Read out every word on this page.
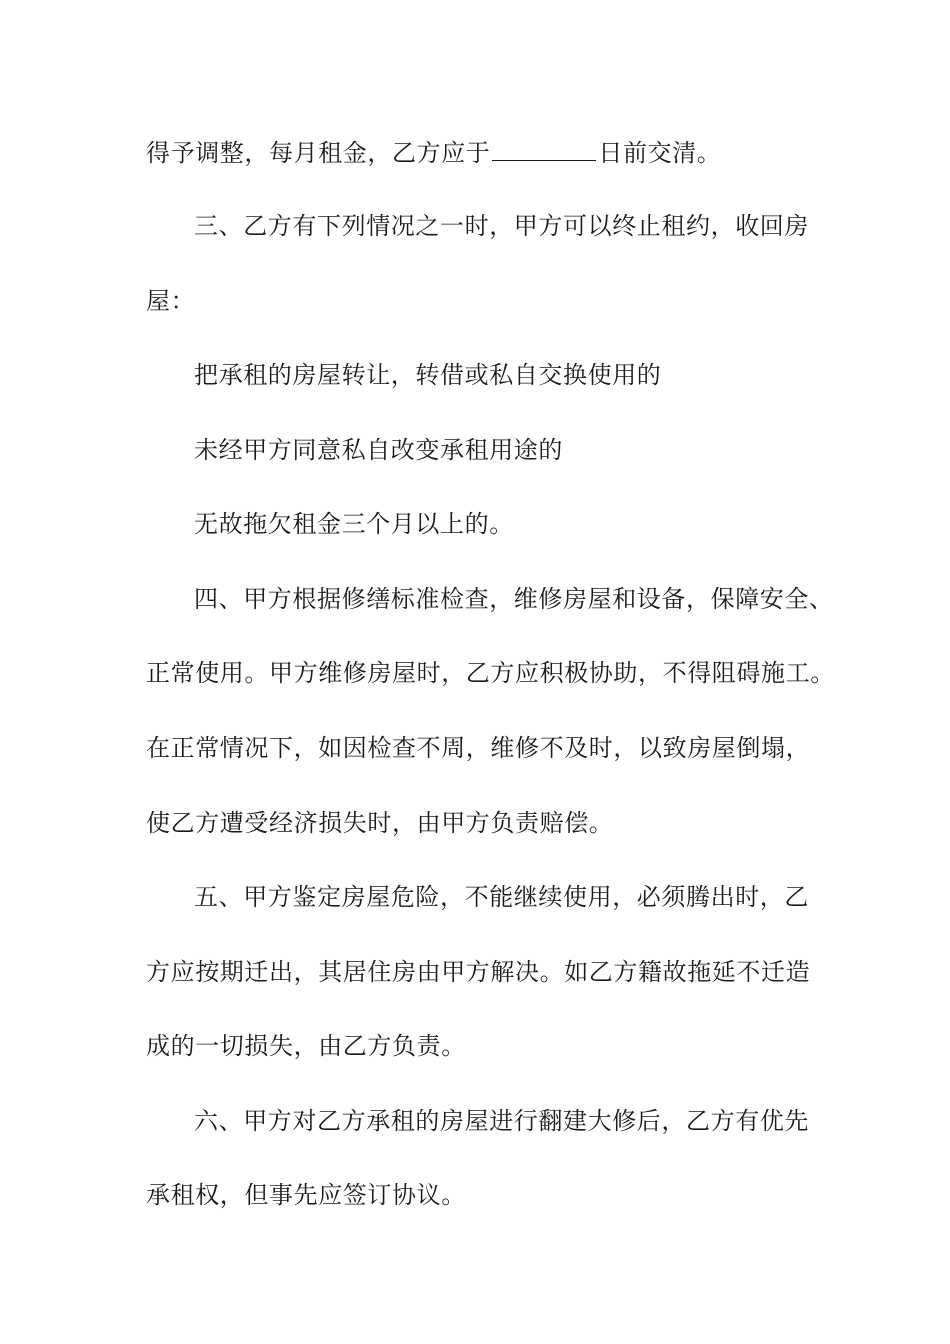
得予调整，每月租金，乙方应于	日前交清。
三、乙方有下列情况之一时，甲方可以终止租约，收回房
屋：
把承租的房屋转让，转借或私自交换使用的
未经甲方同意私自改变承租用途的
无故拖欠租金三个月以上的。
四、甲方根据修缮标准检查，维修房屋和设备，保障安全、
正常使用。甲方维修房屋时，乙方应积极协助，不得阻碍施工。
在正常情况下，如因检查不周，维修不及时，以致房屋倒塌，
使乙方遭受经济损失时，由甲方负责赔偿。
五、甲方鉴定房屋危险，不能继续使用，必须腾出时，乙
方应按期迁出，其居住房由甲方解决。如乙方籍故拖延不迁造
成的一切损失，由乙方负责。
六、甲方对乙方承租的房屋进行翻建大修后，乙方有优先
承租权，但事先应签订协议。
